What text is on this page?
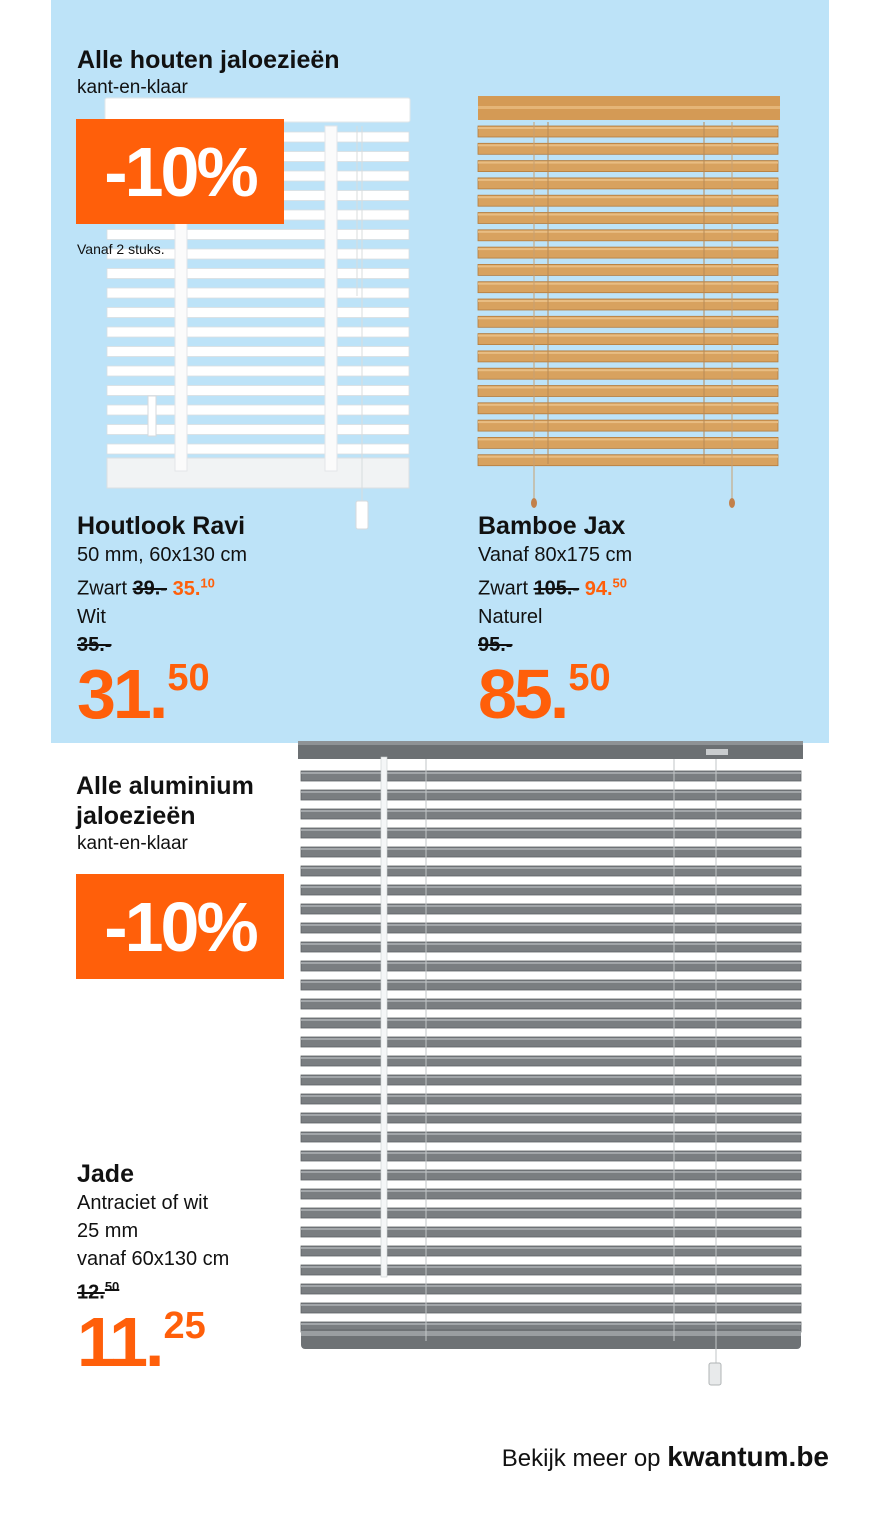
Alle houten jaloezieën
kant-en-klaar
-10%
Vanaf 2 stuks.
Houtlook Ravi
50 mm, 60x130 cm
Zwart 39.- 35.10
Wit
35.-
31.50
Bamboe Jax
Vanaf 80x175 cm
Zwart 105.- 94.50
Naturel
95.-
85.50
Alle aluminium
jaloezieën
kant-en-klaar
-10%
Jade
Antraciet of wit
25 mm
vanaf 60x130 cm
12.50
11.25
Bekijk meer op kwantum.be
